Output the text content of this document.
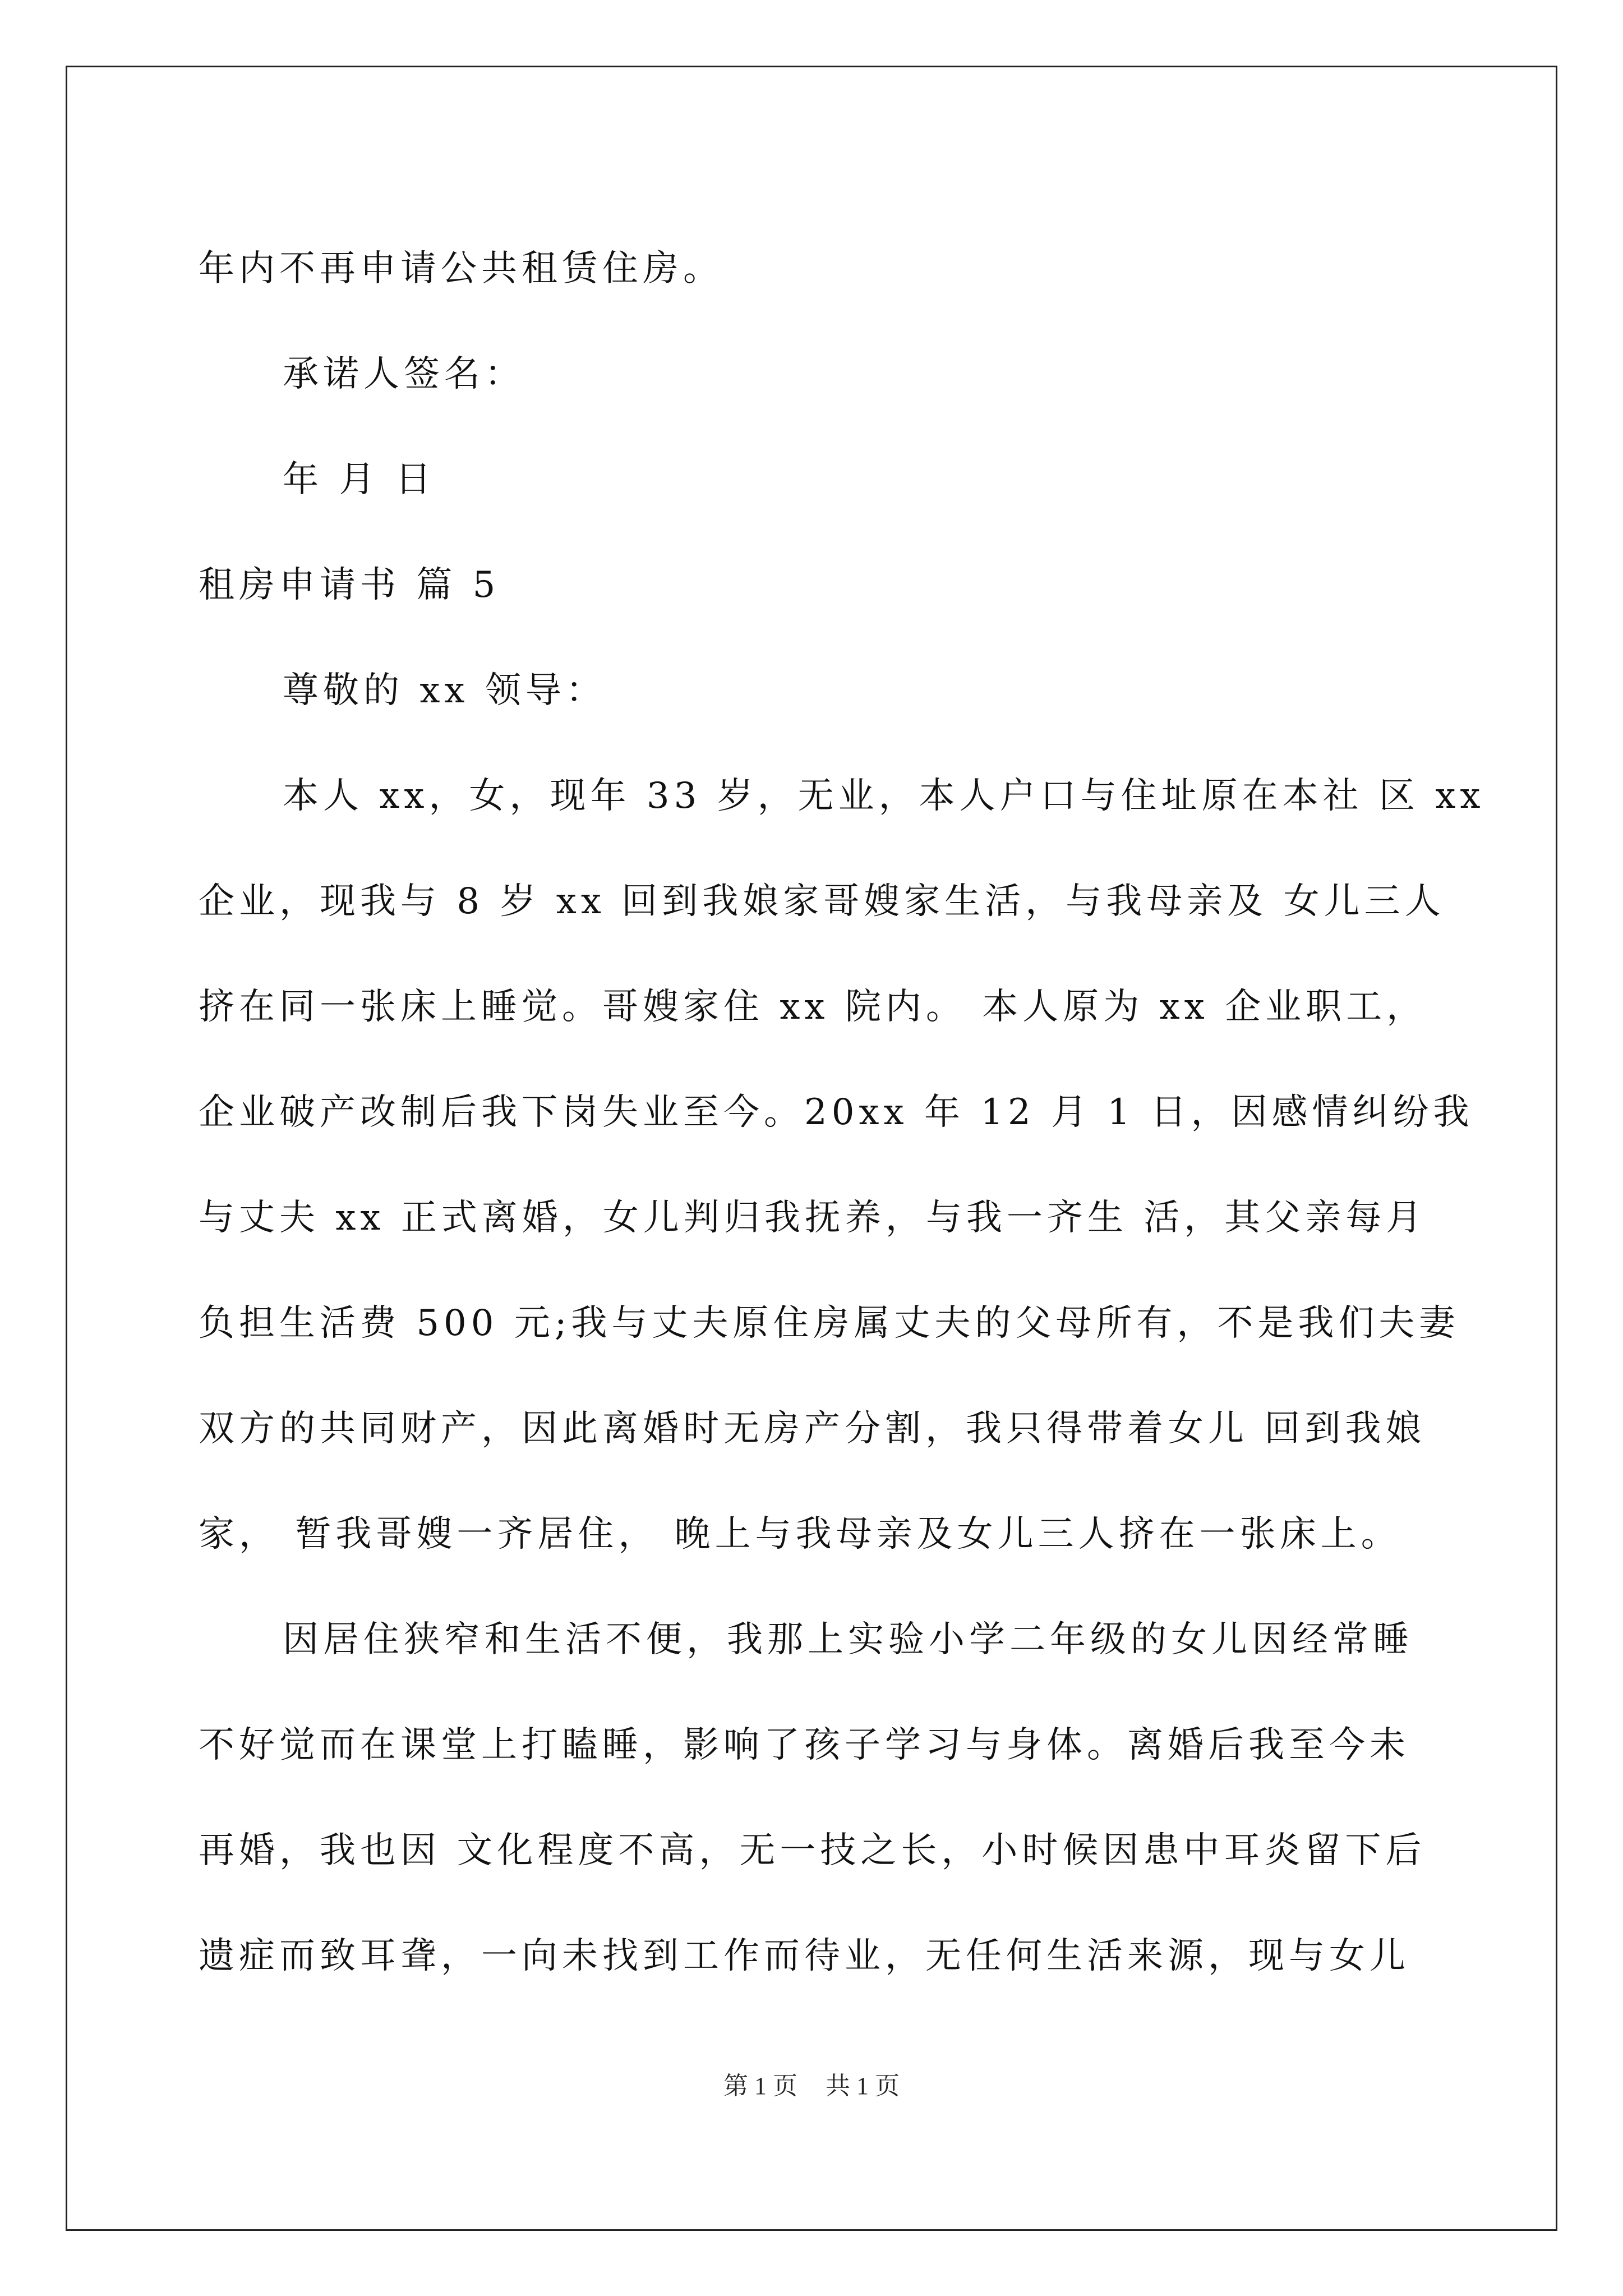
年内不再申请公共租赁住房。
承诺人签名：
年 月 日
租房申请书 篇 5
尊敬的 xx 领导：
本人 xx，女，现年 33 岁，无业，本人户口与住址原在本社 区 xx
企业，现我与 8 岁 xx 回到我娘家哥嫂家生活，与我母亲及 女儿三人
挤在同一张床上睡觉。哥嫂家住 xx 院内。 本人原为 xx 企业职工，
企业破产改制后我下岗失业至今。20xx 年 12 月 1 日，因感情纠纷我
与丈夫 xx 正式离婚，女儿判归我抚养，与我一齐生 活，其父亲每月
负担生活费 500 元;我与丈夫原住房属丈夫的父母所有，不是我们夫妻
双方的共同财产，因此离婚时无房产分割，我只得带着女儿 回到我娘
家， 暂我哥嫂一齐居住， 晚上与我母亲及女儿三人挤在一张床上。
因居住狭窄和生活不便，我那上实验小学二年级的女儿因经常睡
不好觉而在课堂上打瞌睡，影响了孩子学习与身体。离婚后我至今未
再婚，我也因 文化程度不高，无一技之长，小时候因患中耳炎留下后
遗症而致耳聋，一向未找到工作而待业，无任何生活来源，现与女儿
第 1 页 共 1 页
